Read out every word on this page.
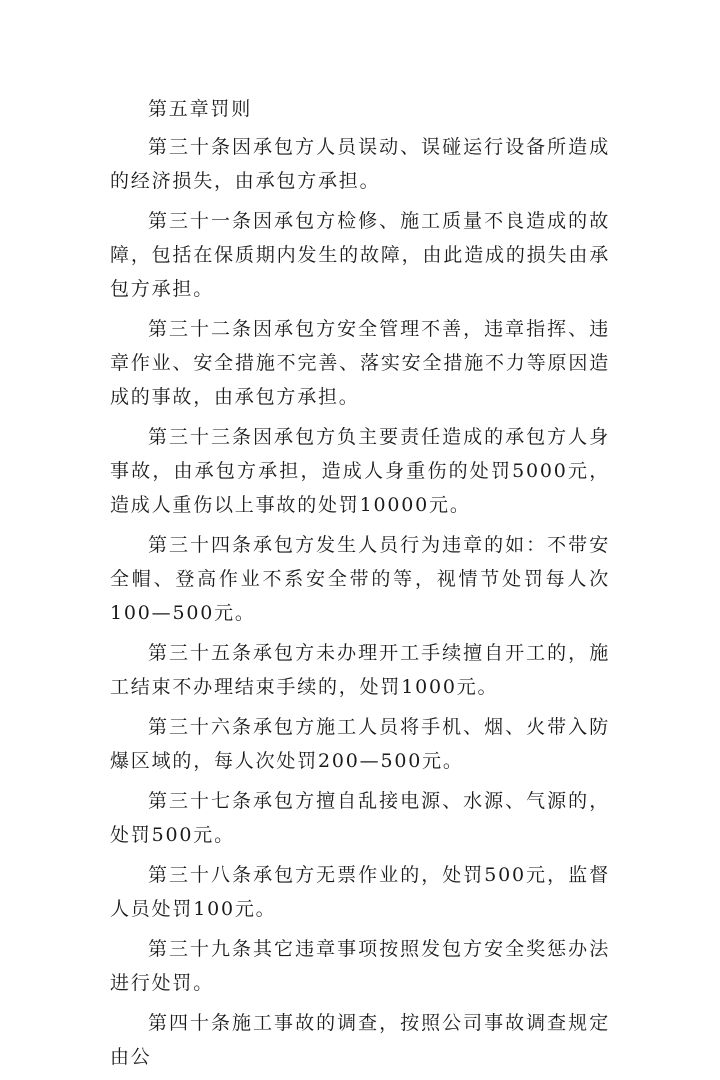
第五章罚则

第三十条因承包方人员误动、误碰运行设备所造成的经济损失，由承包方承担。

第三十一条因承包方检修、施工质量不良造成的故障，包括在保质期内发生的故障，由此造成的损失由承包方承担。

第三十二条因承包方安全管理不善，违章指挥、违章作业、安全措施不完善、落实安全措施不力等原因造成的事故，由承包方承担。

第三十三条因承包方负主要责任造成的承包方人身事故，由承包方承担，造成人身重伤的处罚5000元，造成人重伤以上事故的处罚10000元。

第三十四条承包方发生人员行为违章的如：不带安全帽、登高作业不系安全带的等，视情节处罚每人次100—500元。

第三十五条承包方未办理开工手续擅自开工的，施工结束不办理结束手续的，处罚1000元。

第三十六条承包方施工人员将手机、烟、火带入防爆区域的，每人次处罚200—500元。

第三十七条承包方擅自乱接电源、水源、气源的，处罚500元。

第三十八条承包方无票作业的，处罚500元，监督人员处罚100元。

第三十九条其它违章事项按照发包方安全奖惩办法进行处罚。

第四十条施工事故的调查，按照公司事故调查规定由公
